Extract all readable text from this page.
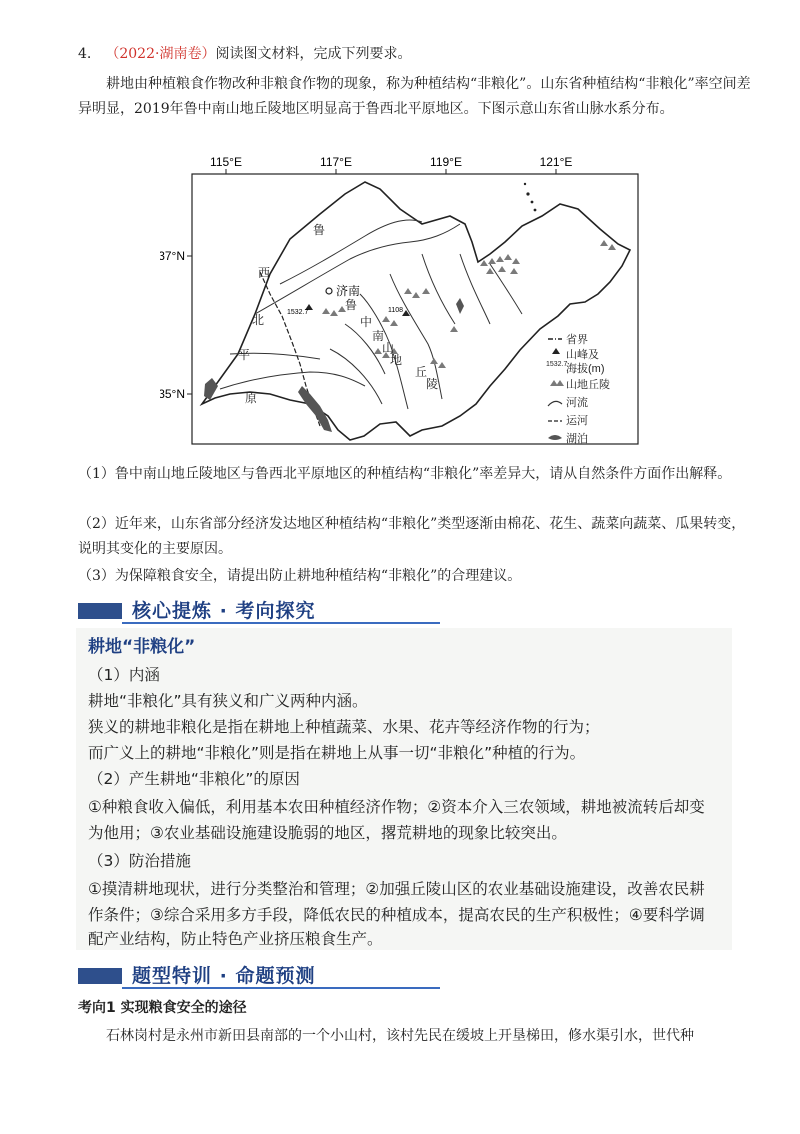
4. （2022·湖南卷）阅读图文材料，完成下列要求。
耕地由种植粮食作物改种非粮食作物的现象，称为种植结构“非粮化”。山东省种植结构“非粮化”率空间差异明显，2019年鲁中南山地丘陵地区明显高于鲁西北平原地区。下图示意山东省山脉水系分布。
115°E	117°E	119°E	121°E
37°N
35°N
济南
1532.7	1108
鲁
西
北
平
原
鲁
中
南
山
地
丘
陵
省界
山峰及
1532.7
海拔(m)
山地丘陵
河流
运河
湖泊
（1）鲁中南山地丘陵地区与鲁西北平原地区的种植结构“非粮化”率差异大，请从自然条件方面作出解释。
（2）近年来，山东省部分经济发达地区种植结构“非粮化”类型逐渐由棉花、花生、蔬菜向蔬菜、瓜果转变，说明其变化的主要原因。
（3）为保障粮食安全，请提出防止耕地种植结构“非粮化”的合理建议。
核心提炼 · 考向探究
耕地“非粮化”
（1）内涵
耕地“非粮化”具有狭义和广义两种内涵。
狭义的耕地非粮化是指在耕地上种植蔬菜、水果、花卉等经济作物的行为；
而广义上的耕地“非粮化”则是指在耕地上从事一切“非粮化”种植的行为。
（2）产生耕地“非粮化”的原因
①种粮食收入偏低，利用基本农田种植经济作物；②资本介入三农领域，耕地被流转后却变
为他用；③农业基础设施建设脆弱的地区，撂荒耕地的现象比较突出。
（3）防治措施
①摸清耕地现状，进行分类整治和管理；②加强丘陵山区的农业基础设施建设，改善农民耕
作条件；③综合采用多方手段，降低农民的种植成本，提高农民的生产积极性；④要科学调
配产业结构，防止特色产业挤压粮食生产。
题型特训 · 命题预测
考向1 实现粮食安全的途径
石林岗村是永州市新田县南部的一个小山村，该村先民在缓坡上开垦梯田，修水渠引水，世代种
